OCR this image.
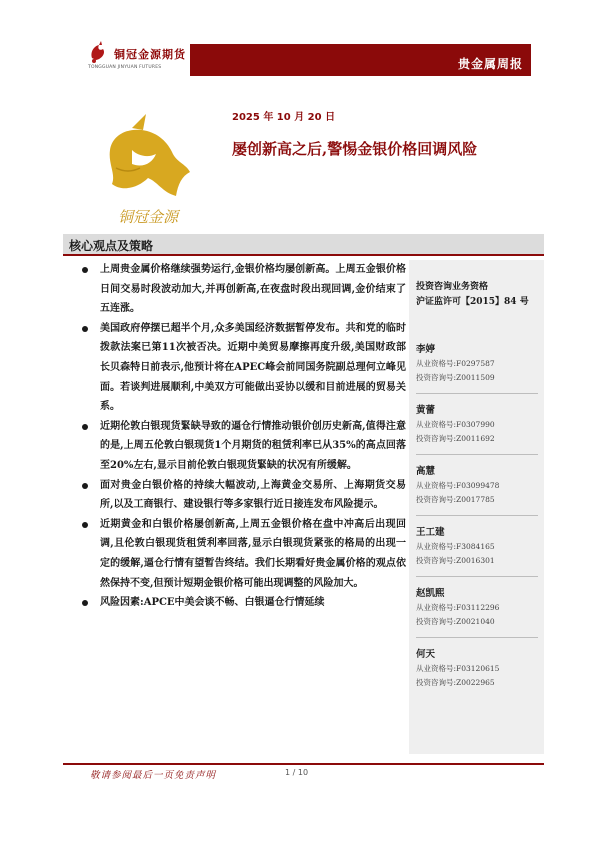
铜冠金源期货
TONGGUAN JINYUAN FUTURES	贵金属周报
铜冠金源
2025 年 10 月 20 日
屡创新高之后,警惕金银价格回调风险
核心观点及策略
上周贵金属价格继续强势运行,金银价格均屡创新高。上周五金银价格日间交易时段波动加大,并再创新高,在夜盘时段出现回调,金价结束了五连涨。
美国政府停摆已超半个月,众多美国经济数据暂停发布。共和党的临时拨款法案已第11次被否决。近期中美贸易摩擦再度升级,美国财政部长贝森特日前表示,他预计将在APEC峰会前同国务院副总理何立峰见面。若谈判进展顺利,中美双方可能做出妥协以缓和目前进展的贸易关系。
近期伦敦白银现货緊缺导致的逼仓行情推动银价创历史新高,值得注意的是,上周五伦敦白银现货1个月期货的租赁利率已从35%的高点回落至20%左右,显示目前伦敦白银现货緊缺的状况有所缓解。
面对贵金白银价格的持续大幅波动,上海黄金交易所、上海期货交易所,以及工商银行、建设银行等多家银行近日接连发布风险提示。
近期黄金和白银价格屡创新高,上周五金银价格在盘中冲高后出现回调,且伦敦白银现货租赁利率回落,显示白银现货紧张的格局的出现一定的缓解,逼仓行情有望暂告终结。我们长期看好贵金属价格的观点依然保持不变,但预计短期金银价格可能出现调整的风险加大。
风险因素:APCE中美会谈不畅、白银逼仓行情延续
投资咨询业务资格
沪证监许可【2015】84 号
李婷
从业资格号:F0297587
投资咨询号:Z0011509
黄蕾
从业资格号:F0307990
投资咨询号:Z0011692
高慧
从业资格号:F03099478
投资咨询号:Z0017785
王工建
从业资格号:F3084165
投资咨询号:Z0016301
赵凯熙
从业资格号:F03112296
投资咨询号:Z0021040
何天
从业资格号:F03120615
投资咨询号:Z0022965
敬请参阅最后一页免责声明	1 / 10
